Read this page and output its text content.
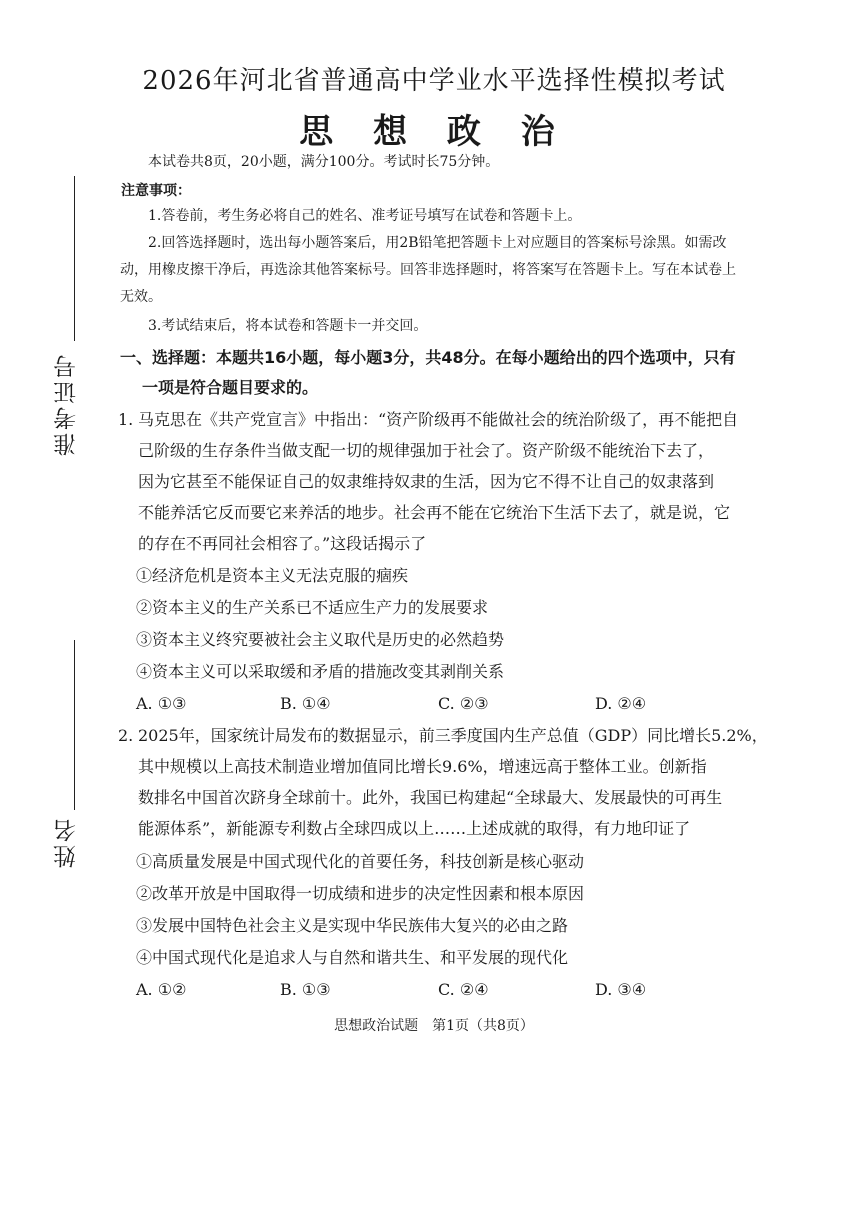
准考证号
姓名
2026年河北省普通高中学业水平选择性模拟考试
思 想 政 治
本试卷共8页，20小题，满分100分。考试时长75分钟。
注意事项：
1.答卷前，考生务必将自己的姓名、准考证号填写在试卷和答题卡上。
2.回答选择题时，选出每小题答案后，用2B铅笔把答题卡上对应题目的答案标号涂黑。如需改
动，用橡皮擦干净后，再选涂其他答案标号。回答非选择题时，将答案写在答题卡上。写在本试卷上
无效。
3.考试结束后，将本试卷和答题卡一并交回。
一、选择题：本题共16小题，每小题3分，共48分。在每小题给出的四个选项中，只有
一项是符合题目要求的。
1. 马克思在《共产党宣言》中指出：“资产阶级再不能做社会的统治阶级了，再不能把自
己阶级的生存条件当做支配一切的规律强加于社会了。资产阶级不能统治下去了，
因为它甚至不能保证自己的奴隶维持奴隶的生活，因为它不得不让自己的奴隶落到
不能养活它反而要它来养活的地步。社会再不能在它统治下生活下去了，就是说，它
的存在不再同社会相容了。”这段话揭示了
①经济危机是资本主义无法克服的痼疾
②资本主义的生产关系已不适应生产力的发展要求
③资本主义终究要被社会主义取代是历史的必然趋势
④资本主义可以采取缓和矛盾的措施改变其剥削关系
A. ①③	B. ①④	C. ②③	D. ②④
2. 2025年，国家统计局发布的数据显示，前三季度国内生产总值（GDP）同比增长5.2%，
其中规模以上高技术制造业增加值同比增长9.6%，增速远高于整体工业。创新指
数排名中国首次跻身全球前十。此外，我国已构建起“全球最大、发展最快的可再生
能源体系”，新能源专利数占全球四成以上……上述成就的取得，有力地印证了
①高质量发展是中国式现代化的首要任务，科技创新是核心驱动
②改革开放是中国取得一切成绩和进步的决定性因素和根本原因
③发展中国特色社会主义是实现中华民族伟大复兴的必由之路
④中国式现代化是追求人与自然和谐共生、和平发展的现代化
A. ①②	B. ①③	C. ②④	D. ③④
思想政治试题　第1页（共8页）
